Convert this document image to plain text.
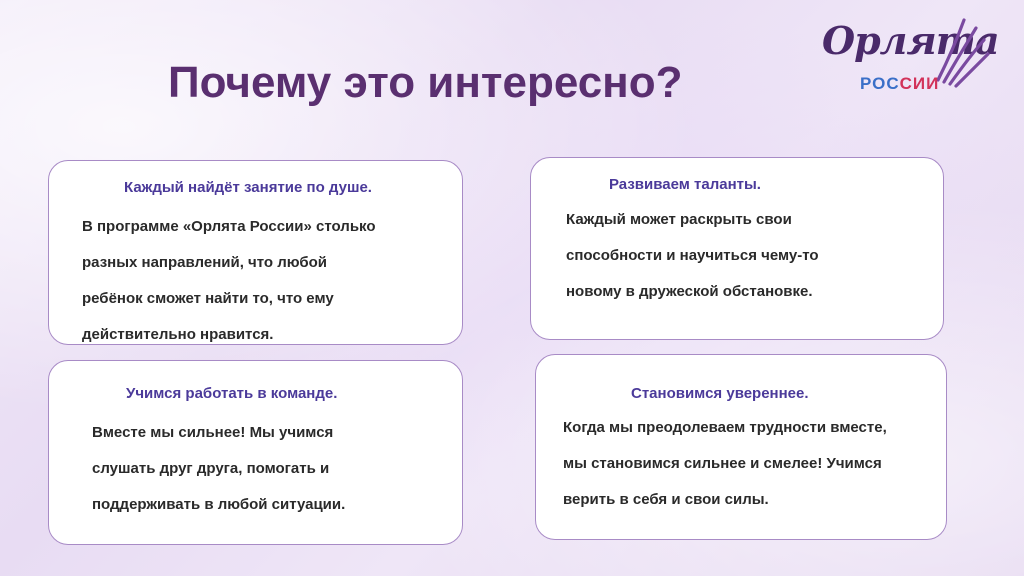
Почему это интересно?
Орлята
РОССИИ

Каждый найдёт занятие по душе.

В программе «Орлята России» столько
разных направлений, что любой
ребёнок сможет найти то, что ему
действительно нравится.

Развиваем таланты.

Каждый может раскрыть свои
способности и научиться чему-то
новому в дружеской обстановке.

Учимся работать в команде.

Вместе мы сильнее! Мы учимся
слушать друг друга, помогать и
поддерживать в любой ситуации.

Становимся увереннее.

Когда мы преодолеваем трудности вместе,
мы становимся сильнее и смелее! Учимся
верить в себя и свои силы.
